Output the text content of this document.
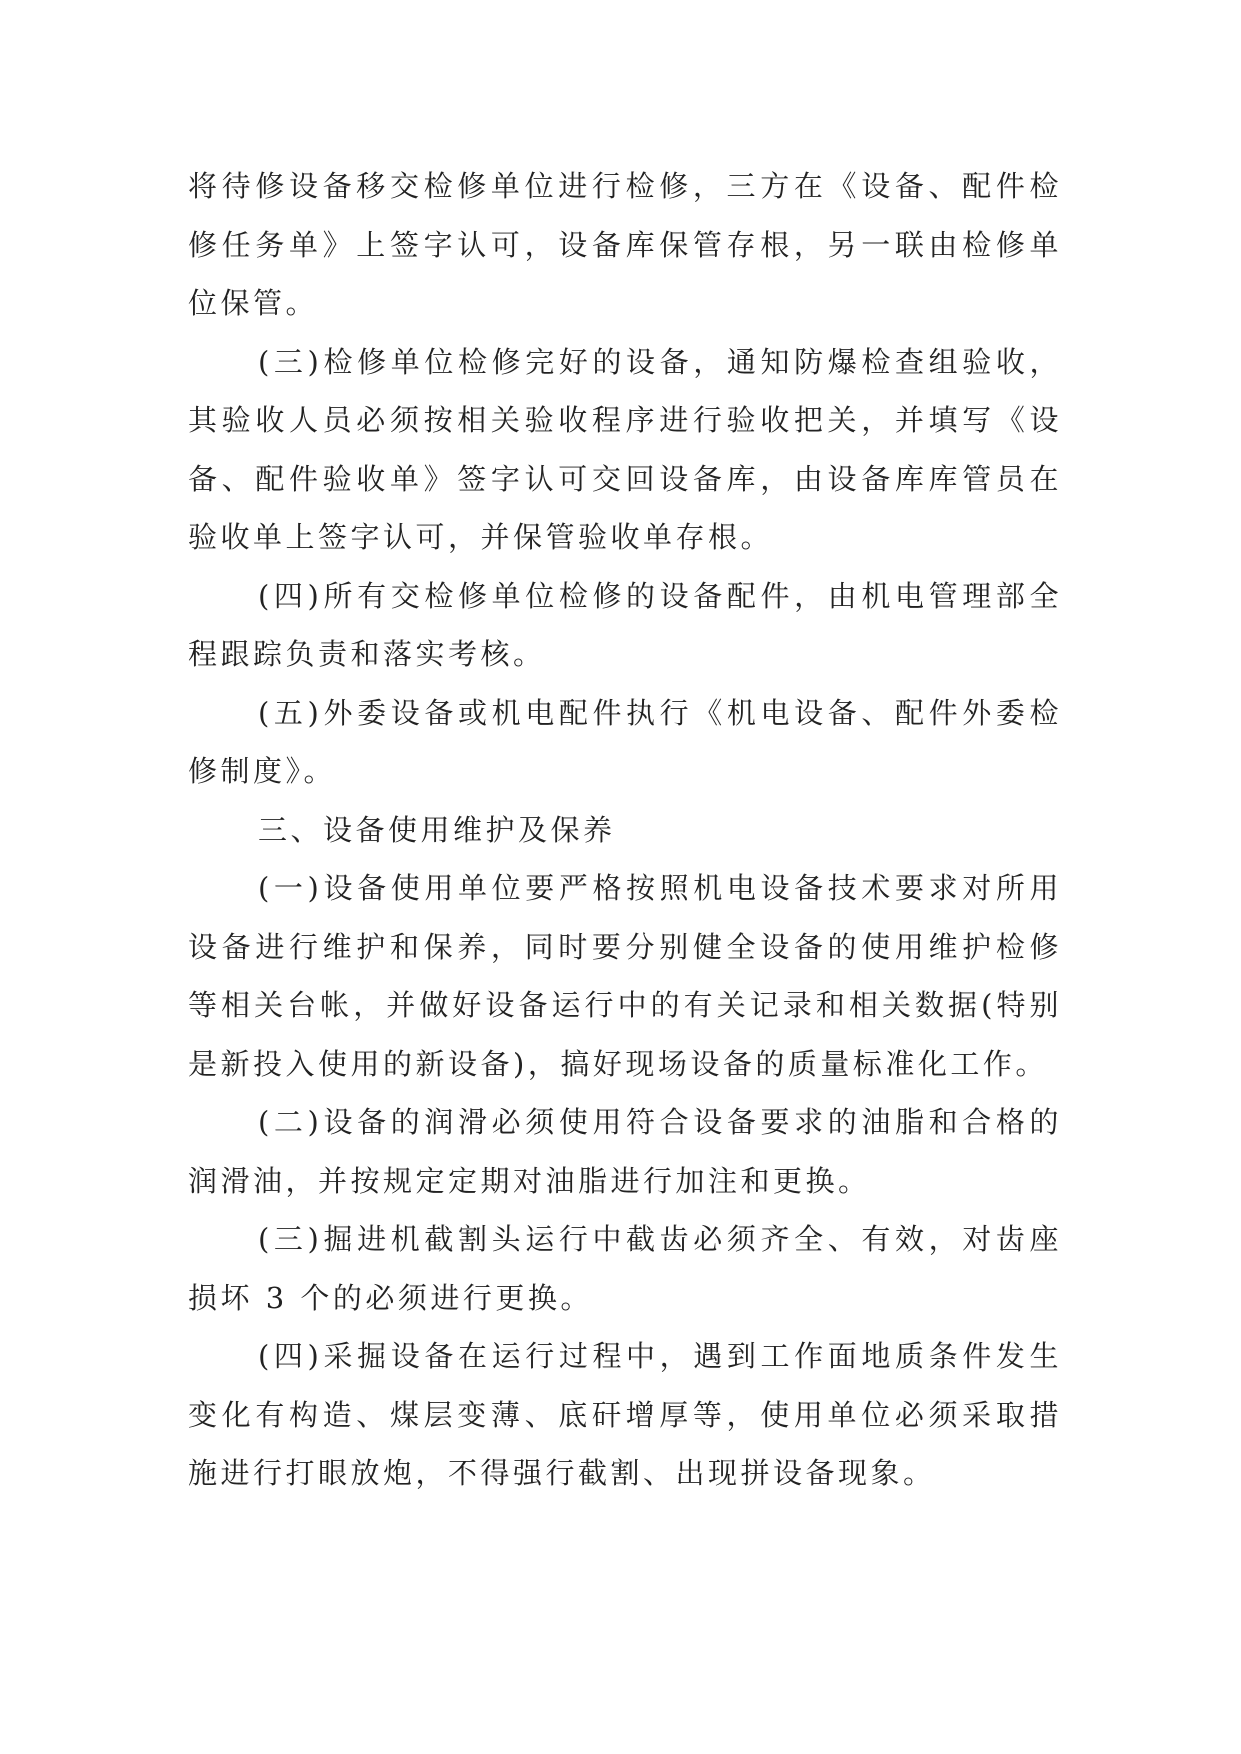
将待修设备移交检修单位进行检修，三方在《设备、配件检修任务单》上签字认可，设备库保管存根，另一联由检修单位保管。

(三)检修单位检修完好的设备，通知防爆检查组验收，其验收人员必须按相关验收程序进行验收把关，并填写《设备、配件验收单》签字认可交回设备库，由设备库库管员在验收单上签字认可，并保管验收单存根。

(四)所有交检修单位检修的设备配件，由机电管理部全程跟踪负责和落实考核。

(五)外委设备或机电配件执行《机电设备、配件外委检修制度》。

三、设备使用维护及保养

(一)设备使用单位要严格按照机电设备技术要求对所用设备进行维护和保养，同时要分别健全设备的使用维护检修等相关台帐，并做好设备运行中的有关记录和相关数据(特别是新投入使用的新设备)，搞好现场设备的质量标准化工作。

(二)设备的润滑必须使用符合设备要求的油脂和合格的润滑油，并按规定定期对油脂进行加注和更换。

(三)掘进机截割头运行中截齿必须齐全、有效，对齿座损坏 3 个的必须进行更换。

(四)采掘设备在运行过程中，遇到工作面地质条件发生变化有构造、煤层变薄、底矸增厚等，使用单位必须采取措施进行打眼放炮，不得强行截割、出现拼设备现象。
